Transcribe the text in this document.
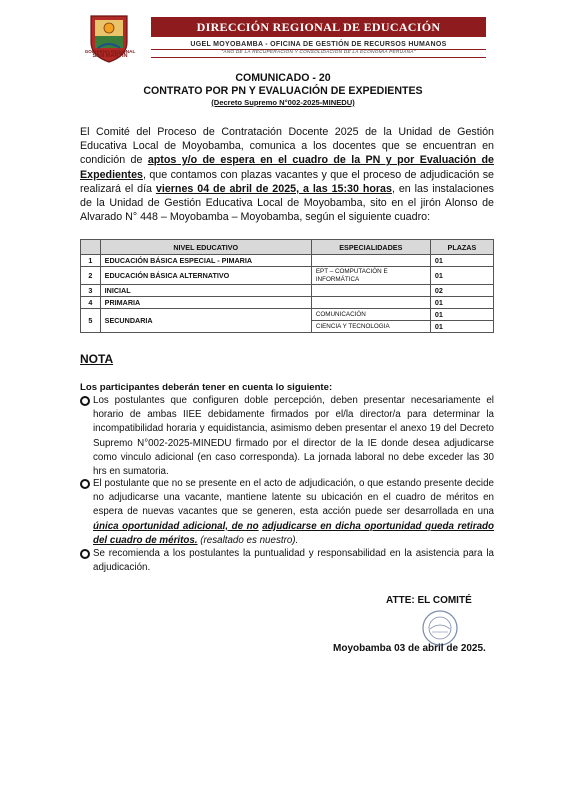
GOBIERNO REGIONAL
SAN MARTÍN
DIRECCIÓN REGIONAL DE EDUCACIÓN
UGEL MOYOBAMBA - OFICINA DE GESTIÓN DE RECURSOS HUMANOS
"AÑO DE LA RECUPERACIÓN Y CONSOLIDACIÓN DE LA ECONOMÍA PERUANA"
COMUNICADO - 20
CONTRATO POR PN Y EVALUACIÓN DE EXPEDIENTES
(Decreto Supremo N°002-2025-MINEDU)
El Comité del Proceso de Contratación Docente 2025 de la Unidad de Gestión Educativa Local de Moyobamba, comunica a los docentes que se encuentran en condición de aptos y/o de espera en el cuadro de la PN y por Evaluación de Expedientes, que contamos con plazas vacantes y que el proceso de adjudicación se realizará el día viernes 04 de abril de 2025, a las 15:30 horas, en las instalaciones de la Unidad de Gestión Educativa Local de Moyobamba, sito en el jirón Alonso de Alvarado N° 448 – Moyobamba – Moyobamba, según el siguiente cuadro:
	NIVEL EDUCATIVO	ESPECIALIDADES	PLAZAS
1	EDUCACIÓN BÁSICA ESPECIAL - PIMARIA		01
2	EDUCACIÓN BÁSICA ALTERNATIVO	EPT – COMPUTACIÓN E INFORMÁTICA	01
3	INICIAL		02
4	PRIMARIA		01
5	SECUNDARIA	COMUNICACIÓN	01
		CIENCIA Y TECNOLOGIA	01
NOTA
Los participantes deberán tener en cuenta lo siguiente:
Los postulantes que configuren doble percepción, deben presentar necesariamente el horario de ambas IIEE debidamente firmados por el/la director/a para determinar la incompatibilidad horaria y equidistancia, asimismo deben presentar el anexo 19 del Decreto Supremo N°002-2025-MINEDU firmado por el director de la IE donde desea adjudicarse como vinculo adicional (en caso corresponda). La jornada laboral no debe exceder las 30 hrs en sumatoria.
El postulante que no se presente en el acto de adjudicación, o que estando presente decide no adjudicarse una vacante, mantiene latente su ubicación en el cuadro de méritos en espera de nuevas vacantes que se generen, esta acción puede ser desarrollada en una única oportunidad adicional, de no adjudicarse en dicha oportunidad queda retirado del cuadro de méritos. (resaltado es nuestro).
Se recomienda a los postulantes la puntualidad y responsabilidad en la asistencia para la adjudicación.
ATTE: EL COMITÉ
Moyobamba 03 de abril de 2025.
